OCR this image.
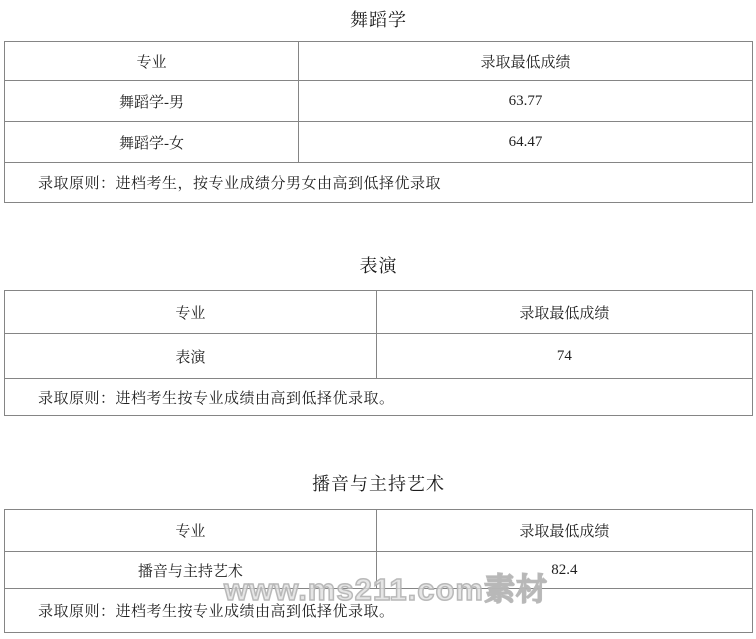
舞蹈学
专业	录取最低成绩
舞蹈学-男	63.77
舞蹈学-女	64.47
录取原则：进档考生，按专业成绩分男女由高到低择优录取	
表演
专业	录取最低成绩
表演	74
录取原则：进档考生按专业成绩由高到低择优录取。	
播音与主持艺术
专业	录取最低成绩
播音与主持艺术	82.4
录取原则：进档考生按专业成绩由高到低择优录取。	
www.ms211.com素材
